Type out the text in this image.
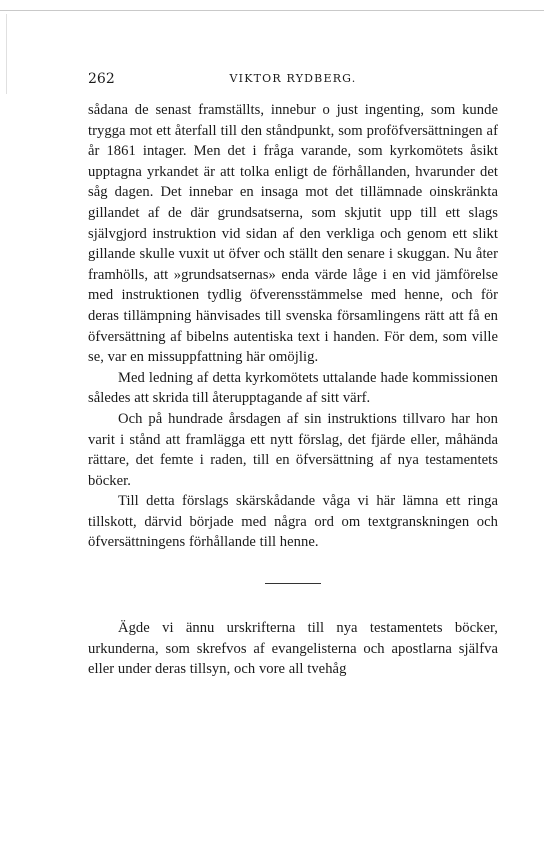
262	VIKTOR RYDBERG.

sådana de senast framställts, innebur o just ingenting, som kunde trygga mot ett återfall till den ståndpunkt, som proföfversättningen af år 1861 intager. Men det i fråga varande, som kyrkomötets åsikt upptagna yrkandet är att tolka enligt de förhållanden, hvarunder det såg dagen. Det innebar en insaga mot det tillämnade oinskränkta gillandet af de där grundsatserna, som skjutit upp till ett slags självgjord instruktion vid sidan af den verkliga och genom ett slikt gillande skulle vuxit ut öfver och ställt den senare i skuggan. Nu åter framhölls, att »grundsatsernas» enda värde låge i en vid jämförelse med instruktionen tydlig öfverensstämmelse med henne, och för deras tillämpning hänvisades till svenska församlingens rätt att få en öfversättning af bibelns autentiska text i handen. För dem, som ville se, var en missuppfattning här omöjlig.

Med ledning af detta kyrkomötets uttalande hade kommissionen således att skrida till återupptagande af sitt värf.

Och på hundrade årsdagen af sin instruktions tillvaro har hon varit i stånd att framlägga ett nytt förslag, det fjärde eller, måhända rättare, det femte i raden, till en öfversättning af nya testamentets böcker.

Till detta förslags skärskådande våga vi här lämna ett ringa tillskott, därvid började med några ord om textgranskningen och öfversättningens förhållande till henne.

Ägde vi ännu urskrifterna till nya testamentets böcker, urkunderna, som skrefvos af evangelisterna och apostlarna själfva eller under deras tillsyn, och vore all tvehåg
